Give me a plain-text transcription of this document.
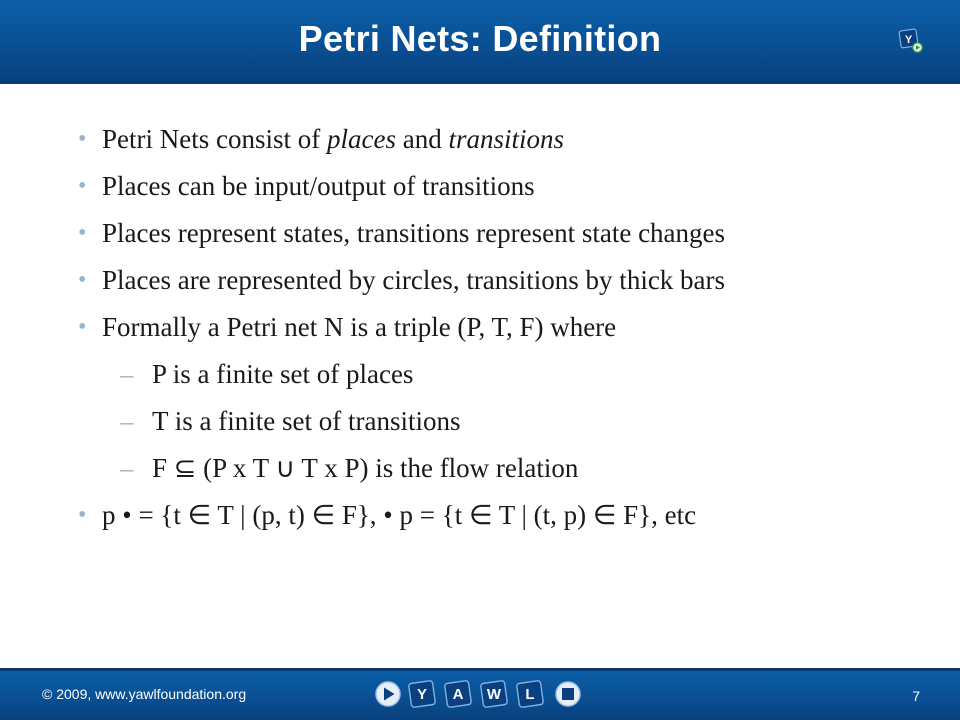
Petri Nets: Definition	Y
• Petri Nets consist of places and transitions
• Places can be input/output of transitions
• Places represent states, transitions represent state changes
• Places are represented by circles, transitions by thick bars
• Formally a Petri net N is a triple (P, T, F) where
– P is a finite set of places
– T is a finite set of transitions
– F ⊆ (P x T ∪ T x P) is the flow relation
• p • = {t ∈ T | (p, t) ∈ F}, • p = {t ∈ T | (t, p) ∈ F}, etc
© 2009, www.yawlfoundation.org	Y A W L	7
